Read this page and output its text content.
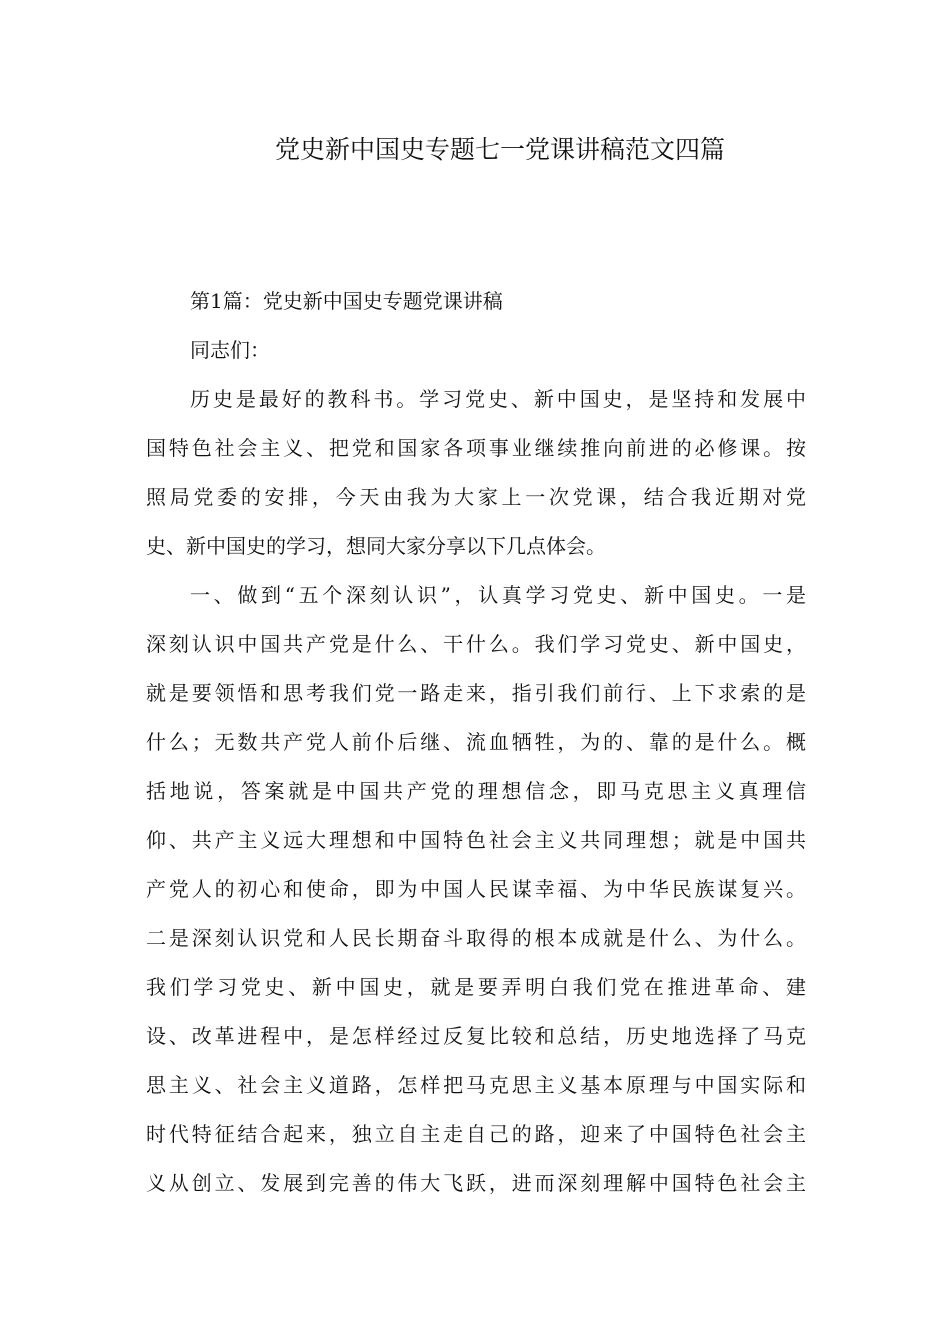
党史新中国史专题七一党课讲稿范文四篇
第1篇：党史新中国史专题党课讲稿
同志们：
历史是最好的教科书。学习党史、新中国史，是坚持和发展中
国特色社会主义、把党和国家各项事业继续推向前进的必修课。按
照局党委的安排，今天由我为大家上一次党课，结合我近期对党
史、新中国史的学习，想同大家分享以下几点体会。
一、做到“五个深刻认识”，认真学习党史、新中国史。一是
深刻认识中国共产党是什么、干什么。我们学习党史、新中国史，
就是要领悟和思考我们党一路走来，指引我们前行、上下求索的是
什么；无数共产党人前仆后继、流血牺牲，为的、靠的是什么。概
括地说，答案就是中国共产党的理想信念，即马克思主义真理信
仰、共产主义远大理想和中国特色社会主义共同理想；就是中国共
产党人的初心和使命，即为中国人民谋幸福、为中华民族谋复兴。
二是深刻认识党和人民长期奋斗取得的根本成就是什么、为什么。
我们学习党史、新中国史，就是要弄明白我们党在推进革命、建
设、改革进程中，是怎样经过反复比较和总结，历史地选择了马克
思主义、社会主义道路，怎样把马克思主义基本原理与中国实际和
时代特征结合起来，独立自主走自己的路，迎来了中国特色社会主
义从创立、发展到完善的伟大飞跃，进而深刻理解中国特色社会主
